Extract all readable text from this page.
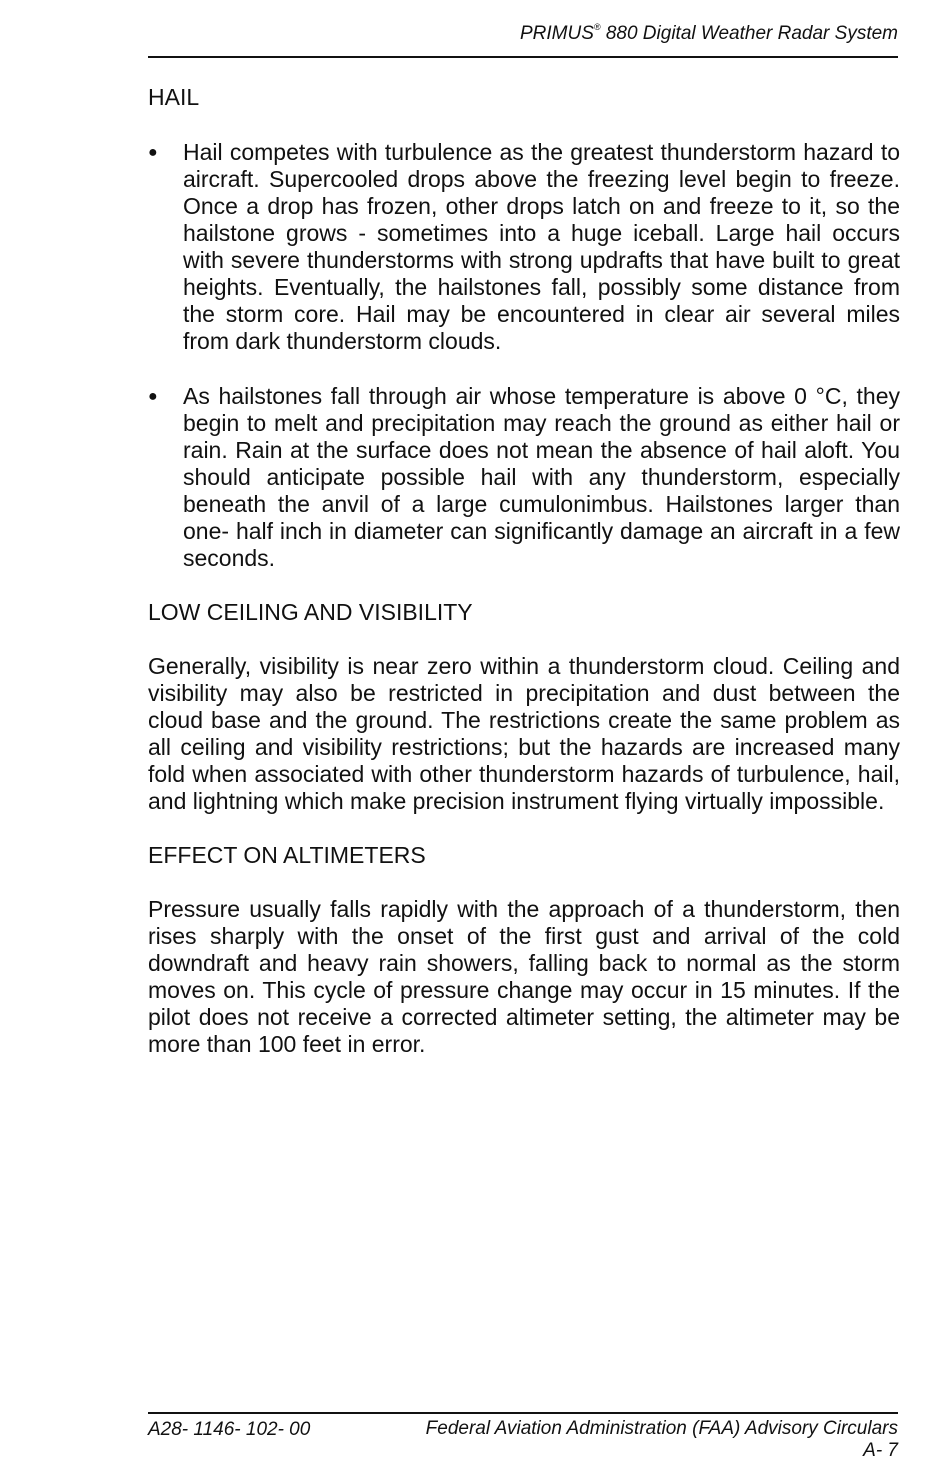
PRIMUS® 880 Digital Weather Radar System
HAIL
● Hail competes with turbulence as the greatest thunderstorm hazard to aircraft. Supercooled drops above the freezing level begin to freeze. Once a drop has frozen, other drops latch on and freeze to it, so the hailstone grows - sometimes into a huge iceball. Large hail occurs with severe thunderstorms with strong updrafts that have built to great heights. Eventually, the hailstones fall, possibly some distance from the storm core. Hail may be encountered in clear air several miles from dark thunderstorm clouds.
● As hailstones fall through air whose temperature is above 0 °C, they begin to melt and precipitation may reach the ground as either hail or rain. Rain at the surface does not mean the absence of hail aloft. You should anticipate possible hail with any thunderstorm, especially beneath the anvil of a large cumulonimbus. Hailstones larger than one- half inch in diameter can significantly damage an aircraft in a few seconds.
LOW CEILING AND VISIBILITY

Generally, visibility is near zero within a thunderstorm cloud. Ceiling and visibility may also be restricted in precipitation and dust between the cloud base and the ground. The restrictions create the same problem as all ceiling and visibility restrictions; but the hazards are increased many fold when associated with other thunderstorm hazards of turbulence, hail, and lightning which make precision instrument flying virtually impossible.

EFFECT ON ALTIMETERS

Pressure usually falls rapidly with the approach of a thunderstorm, then rises sharply with the onset of the first gust and arrival of the cold downdraft and heavy rain showers, falling back to normal as the storm moves on. This cycle of pressure change may occur in 15 minutes. If the pilot does not receive a corrected altimeter setting, the altimeter may be more than 100 feet in error.

A28- 1146- 102- 00	Federal Aviation Administration (FAA) Advisory Circulars
A- 7
